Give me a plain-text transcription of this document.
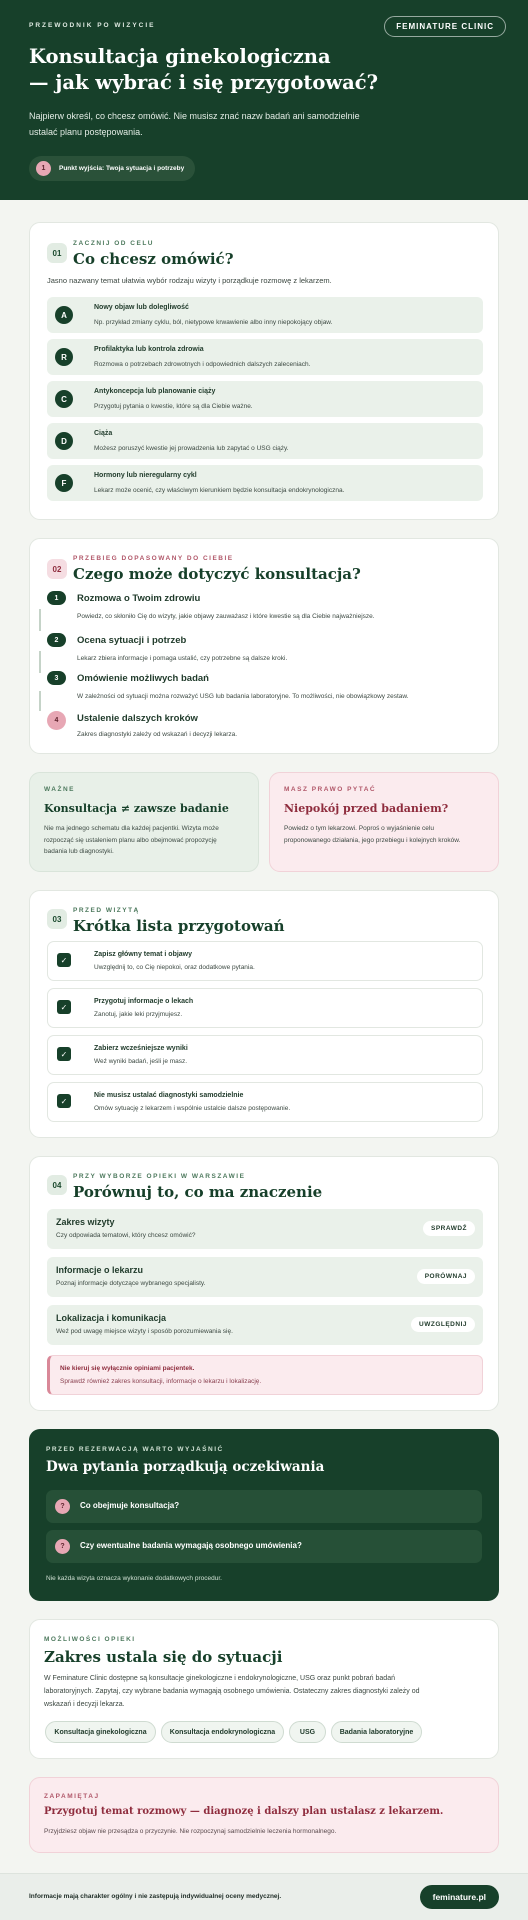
PRZEWODNIK PO WIZYCIE	FEMINATURE CLINIC
Konsultacja ginekologiczna
— jak wybrać i się przygotować?

Najpierw określ, co chcesz omówić. Nie musisz znać nazw badań ani samodzielnie
ustalać planu postępowania.

1	Punkt wyjścia: Twoja sytuacja i potrzeby
01
ZACZNIJ OD CELU
Co chcesz omówić?
Jasno nazwany temat ułatwia wybór rodzaju wizyty i porządkuje rozmowę z lekarzem.
A
Nowy objaw lub dolegliwość
Np. przykład zmiany cyklu, ból, nietypowe krwawienie albo inny niepokojący objaw.
R
Profilaktyka lub kontrola zdrowia
Rozmowa o potrzebach zdrowotnych i odpowiednich dalszych zaleceniach.
C
Antykoncepcja lub planowanie ciąży
Przygotuj pytania o kwestie, które są dla Ciebie ważne.
D
Ciąża
Możesz poruszyć kwestie jej prowadzenia lub zapytać o USG ciąży.
F
Hormony lub nieregularny cykl
Lekarz może ocenić, czy właściwym kierunkiem będzie konsultacja endokrynologiczna.
02
PRZEBIEG DOPASOWANY DO CIEBIE
Czego może dotyczyć konsultacja?
1	Rozmowa o Twoim zdrowiu
Powiedz, co skłoniło Cię do wizyty, jakie objawy zauważasz i które kwestie są dla Ciebie najważniejsze.
2	Ocena sytuacji i potrzeb
Lekarz zbiera informacje i pomaga ustalić, czy potrzebne są dalsze kroki.
3	Omówienie możliwych badań
W zależności od sytuacji można rozważyć USG lub badania laboratoryjne. To możliwości, nie obowiązkowy zestaw.
4	Ustalenie dalszych kroków
Zakres diagnostyki zależy od wskazań i decyzji lekarza.
WAŻNE
Konsultacja ≠ zawsze badanie
Nie ma jednego schematu dla każdej pacjentki. Wizyta może
rozpocząć się ustaleniem planu albo obejmować propozycję
badania lub diagnostyki.
MASZ PRAWO PYTAĆ
Niepokój przed badaniem?
Powiedz o tym lekarzowi. Poproś o wyjaśnienie celu
proponowanego działania, jego przebiegu i kolejnych kroków.
03
PRZED WIZYTĄ
Krótka lista przygotowań
✓
Zapisz główny temat i objawy
Uwzględnij to, co Cię niepokoi, oraz dodatkowe pytania.
✓
Przygotuj informacje o lekach
Zanotuj, jakie leki przyjmujesz.
✓
Zabierz wcześniejsze wyniki
Weź wyniki badań, jeśli je masz.
✓
Nie musisz ustalać diagnostyki samodzielnie
Omów sytuację z lekarzem i wspólnie ustalcie dalsze postępowanie.
04
PRZY WYBORZE OPIEKI W WARSZAWIE
Porównuj to, co ma znaczenie
Zakres wizyty
Czy odpowiada tematowi, który chcesz omówić?
SPRAWDŹ
Informacje o lekarzu
Poznaj informacje dotyczące wybranego specjalisty.
PORÓWNAJ
Lokalizacja i komunikacja
Weź pod uwagę miejsce wizyty i sposób porozumiewania się.
UWZGLĘDNIJ
Nie kieruj się wyłącznie opiniami pacjentek.
Sprawdź również zakres konsultacji, informacje o lekarzu i lokalizację.
PRZED REZERWACJĄ WARTO WYJAŚNIĆ
Dwa pytania porządkują oczekiwania
?	Co obejmuje konsultacja?
?	Czy ewentualne badania wymagają osobnego umówienia?
Nie każda wizyta oznacza wykonanie dodatkowych procedur.
MOŻLIWOŚCI OPIEKI
Zakres ustala się do sytuacji
W Feminature Clinic dostępne są konsultacje ginekologiczne i endokrynologiczne, USG oraz punkt pobrań badań
laboratoryjnych. Zapytaj, czy wybrane badania wymagają osobnego umówienia. Ostateczny zakres diagnostyki zależy od
wskazań i decyzji lekarza.
Konsultacja ginekologiczna	Konsultacja endokrynologiczna	USG	Badania laboratoryjne
ZAPAMIĘTAJ
Przygotuj temat rozmowy — diagnozę i dalszy plan ustalasz z lekarzem.
Przyjdziesz objaw nie przesądza o przyczynie. Nie rozpoczynaj samodzielnie leczenia hormonalnego.
Informacje mają charakter ogólny i nie zastępują indywidualnej oceny medycznej.	feminature.pl
